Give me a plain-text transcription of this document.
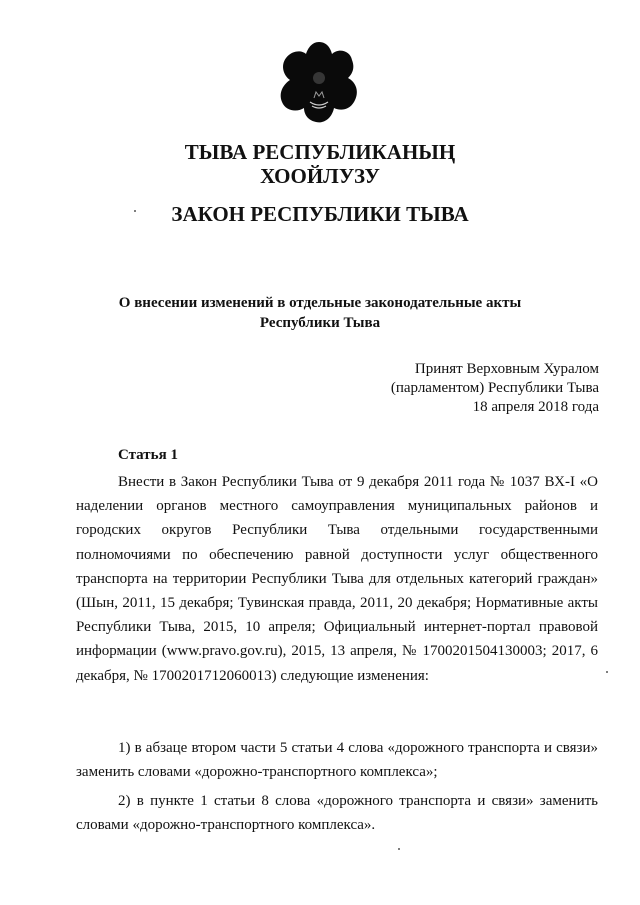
ТЫВА РЕСПУБЛИКАНЫҢ
ХООЙЛУЗУ
ЗАКОН РЕСПУБЛИКИ ТЫВА
О внесении изменений в отдельные законодательные акты
Республики Тыва
Принят Верховным Хуралом
(парламентом) Республики Тыва
18 апреля 2018 года
Статья 1

Внести в Закон Республики Тыва от 9 декабря 2011 года № 1037 ВХ-I «О наделении органов местного самоуправления муниципальных районов и городских округов Республики Тыва отдельными государственными полномочиями по обеспечению равной доступности услуг общественного транспорта на территории Республики Тыва для отдельных категорий граждан» (Шын, 2011, 15 декабря; Тувинская правда, 2011, 20 декабря; Нормативные акты Республики Тыва, 2015, 10 апреля; Официальный интернет-портал правовой информации (www.pravo.gov.ru), 2015, 13 апреля, № 1700201504130003; 2017, 6 декабря, № 1700201712060013) следующие изменения:

1) в абзаце втором части 5 статьи 4 слова «дорожного транспорта и связи» заменить словами «дорожно-транспортного комплекса»;

2) в пункте 1 статьи 8 слова «дорожного транспорта и связи» заменить словами «дорожно-транспортного комплекса».
